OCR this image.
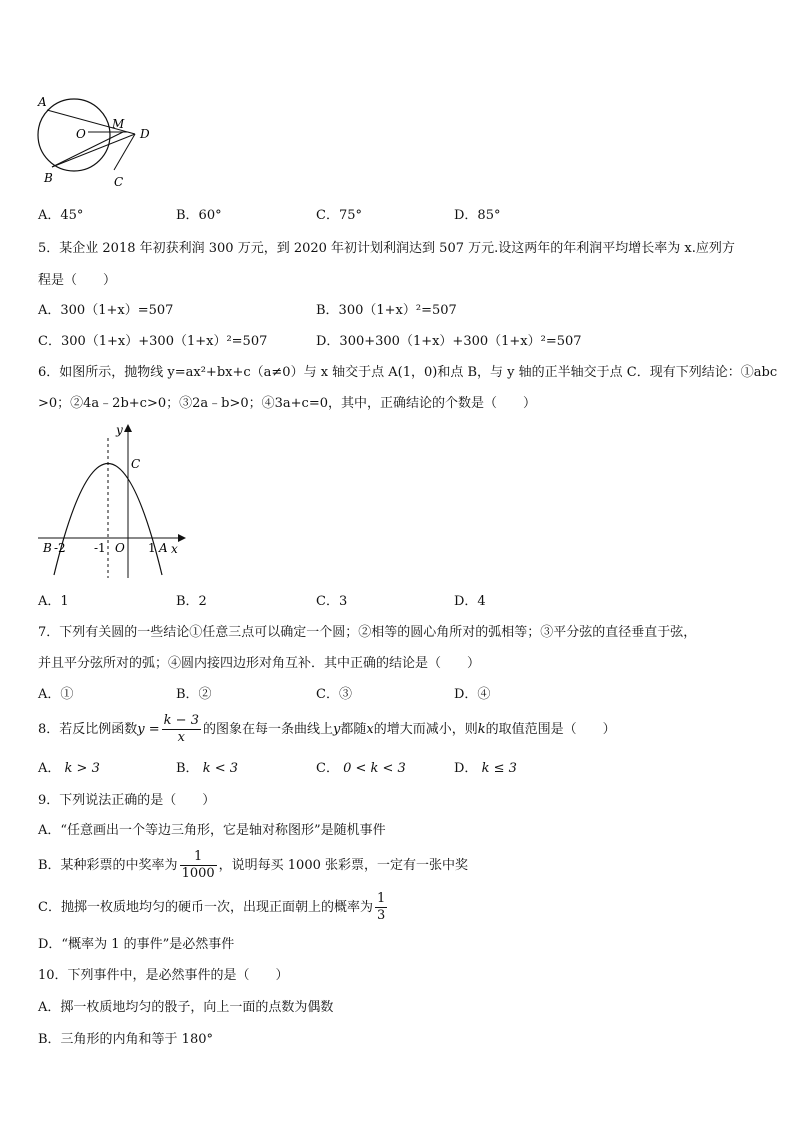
A
O
M
D
B	C
A．45°	B．60°	C．75°	D．85°
5．某企业 2018 年初获利润 300 万元，到 2020 年初计划利润达到 507 万元.设这两年的年利润平均增长率为 x.应列方
程是（　　）
A．300（1+x）=507	B．300（1+x）²=507
C．300（1+x）+300（1+x）²=507	D．300+300（1+x）+300（1+x）²=507
6．如图所示，抛物线 y=ax²+bx+c（a≠0）与 x 轴交于点 A(1，0)和点 B，与 y 轴的正半轴交于点 C．现有下列结论：①abc
>0；②4a﹣2b+c>0；③2a﹣b>0；④3a+c=0，其中，正确结论的个数是（　　）
y
x
C
B -2 -1 O 1 A
A．1	B．2	C．3	D．4
7．下列有关圆的一些结论①任意三点可以确定一个圆；②相等的圆心角所对的弧相等；③平分弦的直径垂直于弦，
并且平分弦所对的弧；④圆内接四边形对角互补．其中正确的结论是（　　）
A．①	B．②	C．③	D．④
8．若反比例函数$y = \frac{k - 3}{x}$ 的图象在每一条曲线上y都随x的增大而减小，则k的取值范围是（　　）
A． k > 3	B． k < 3	C． 0 < k < 3	D． k ≤ 3
9．下列说法正确的是（　　）
A．“任意画出一个等边三角形，它是轴对称图形”是随机事件
B．某种彩票的中奖率为 $\frac{1}{1000}$ ，说明每买 1000 张彩票，一定有一张中奖
C．抛掷一枚质地均匀的硬币一次，出现正面朝上的概率为 $\frac{1}{3}$
D．“概率为 1 的事件”是必然事件
10．下列事件中，是必然事件的是（　　）
A．掷一枚质地均匀的骰子，向上一面的点数为偶数
B．三角形的内角和等于 180°
